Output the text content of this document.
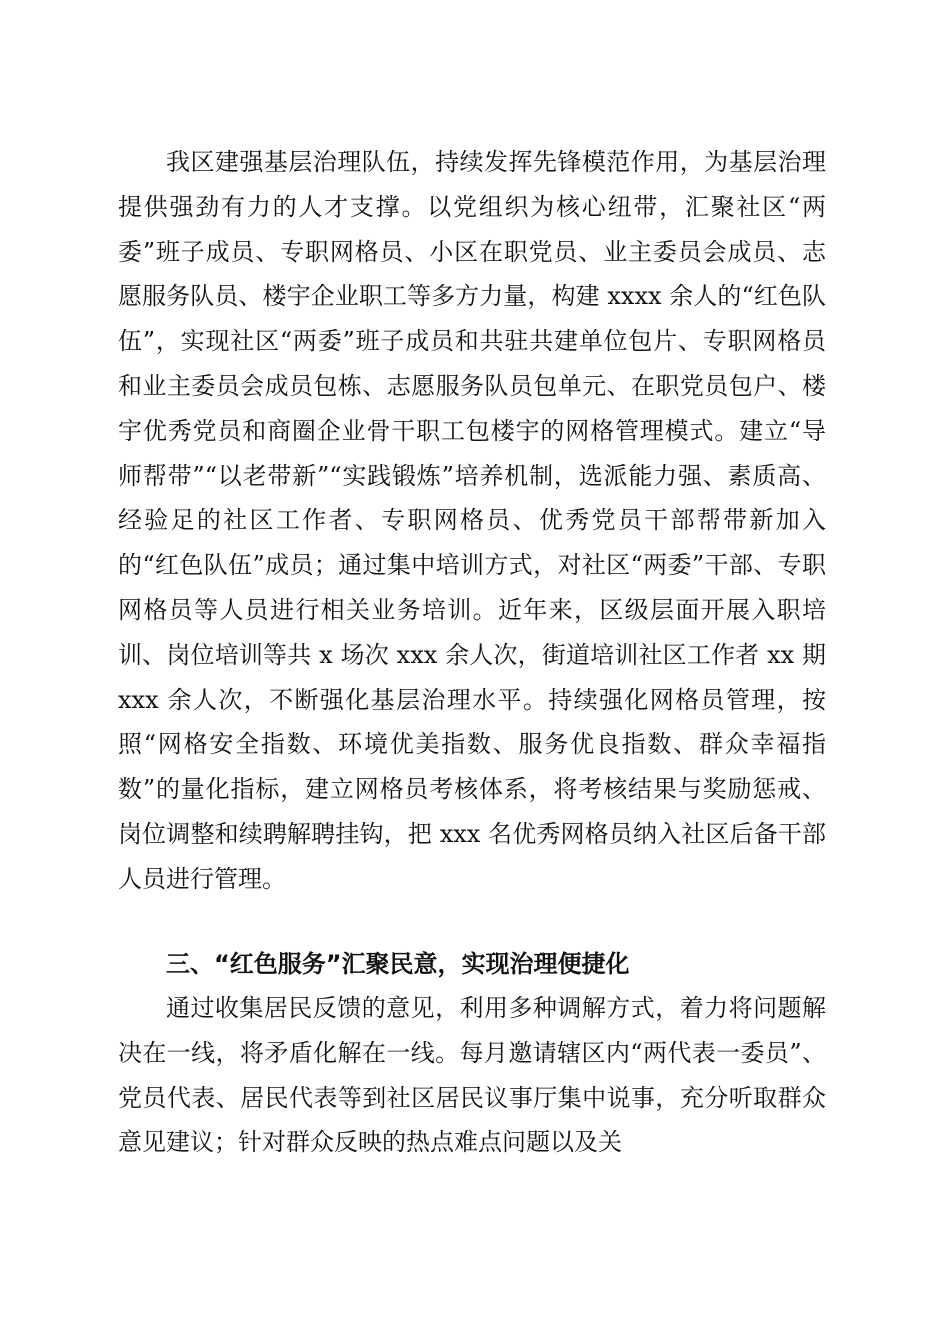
我区建强基层治理队伍，持续发挥先锋模范作用，为基层治理提供强劲有力的人才支撑。以党组织为核心纽带，汇聚社区“两委”班子成员、专职网格员、小区在职党员、业主委员会成员、志愿服务队员、楼宇企业职工等多方力量，构建 xxxx 余人的“红色队伍”，实现社区“两委”班子成员和共驻共建单位包片、专职网格员和业主委员会成员包栋、志愿服务队员包单元、在职党员包户、楼宇优秀党员和商圈企业骨干职工包楼宇的网格管理模式。建立“导师帮带”“以老带新”“实践锻炼”培养机制，选派能力强、素质高、经验足的社区工作者、专职网格员、优秀党员干部帮带新加入的“红色队伍”成员；通过集中培训方式，对社区“两委”干部、专职网格员等人员进行相关业务培训。近年来，区级层面开展入职培训、岗位培训等共 x 场次 xxx 余人次，街道培训社区工作者 xx 期 xxx 余人次，不断强化基层治理水平。持续强化网格员管理，按照“网格安全指数、环境优美指数、服务优良指数、群众幸福指数”的量化指标，建立网格员考核体系，将考核结果与奖励惩戒、岗位调整和续聘解聘挂钩，把 xxx 名优秀网格员纳入社区后备干部人员进行管理。

三、“红色服务”汇聚民意，实现治理便捷化

通过收集居民反馈的意见，利用多种调解方式，着力将问题解决在一线，将矛盾化解在一线。每月邀请辖区内“两代表一委员”、党员代表、居民代表等到社区居民议事厅集中说事，充分听取群众意见建议；针对群众反映的热点难点问题以及关
